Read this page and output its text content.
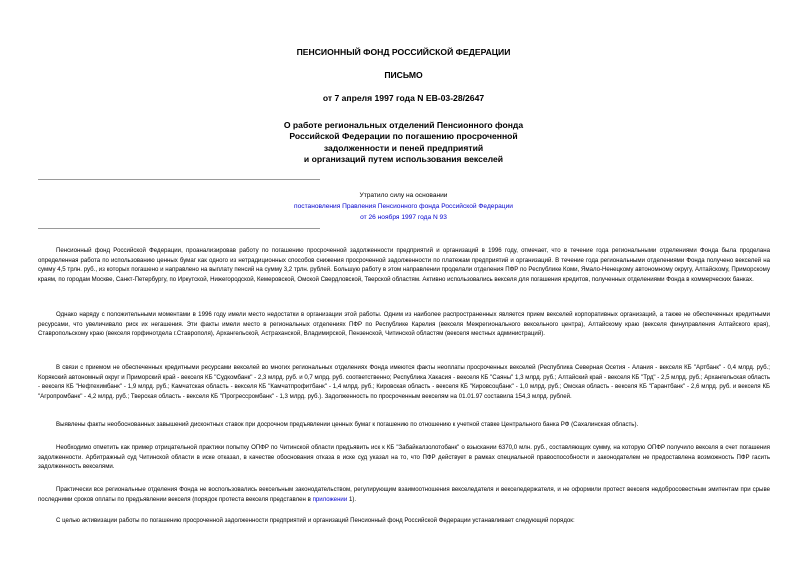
ПЕНСИОННЫЙ ФОНД РОССИЙСКОЙ ФЕДЕРАЦИИ
ПИСЬМО
от 7 апреля 1997 года N ЕВ-03-28/2647
О работе региональных отделений Пенсионного фонда
Российской Федерации по погашению просроченной
задолженности и пеней предприятий
и организаций путем использования векселей
Утратило силу на основании
постановления Правления Пенсионного фонда Российской Федерации
от 26 ноября 1997 года N 93

Пенсионный фонд Российской Федерации, проанализировав работу по погашению просроченной задолженности предприятий и организаций в 1996 году, отмечает, что в течение года региональными отделениями Фонда была проделана определенная работа по использованию ценных бумаг как одного из нетрадиционных способов снижения просроченной задолженности по платежам предприятий и организаций. В течение года региональными отделениями Фонда получено векселей на сумму 4,5 трлн. руб., из которых погашено и направлено на выплату пенсий на сумму 3,2 трлн. рублей. Большую работу в этом направлении проделали отделения ПФР по Республике Коми, Ямало-Ненецкому автономному округу, Алтайскому, Приморскому краям, по городам Москве, Санкт-Петербургу, по Иркутской, Нижегородской, Кемеровской, Омской Свердловской, Тверской областям. Активно использовались векселя для погашения кредитов, полученных отделениями Фонда в коммерческих банках.

Однако наряду с положительными моментами в 1996 году имели место недостатки в организации этой работы. Одним из наиболее распространенных является прием векселей корпоративных организаций, а также не обеспеченных кредитными ресурсами, что увеличивало риск их негашения. Эти факты имели место в региональных отделениях ПФР по Республике Карелия (векселя Межрегионального вексельного центра), Алтайскому краю (векселя финуправления Алтайского края), Ставропольскому краю (векселя горфинотдела г.Ставрополя), Архангельской, Астраханской, Владимирской, Пензенской, Читинской областям (векселя местных администраций).

В связи с приемом не обеспеченных кредитными ресурсами векселей во многих региональных отделениях Фонда имеются факты неоплаты просроченных векселей (Республика Северная Осетия - Алания - векселя КБ "Артбанк" - 0,4 млрд. руб.; Корякский автономный округ и Приморский край - векселя КБ "Судкомбанк" - 2,3 млрд. руб. и 0,7 млрд. руб. соответственно; Республика Хакасия - векселя КБ "Саяны" 1,3 млрд. руб.; Алтайский край - векселя КБ "Трд" - 2,5 млрд. руб.; Архангельская область - векселя КБ "Нефтехимбанк" - 1,9 млрд. руб.; Камчатская область - векселя КБ "Камчатпрофитбанк" - 1,4 млрд. руб.; Кировская область - векселя КБ "Кировсоцбанк" - 1,0 млрд. руб.; Омская область - векселя КБ "Гарантбанк" - 2,6 млрд. руб. и векселя КБ "Агропромбанк" - 4,2 млрд. руб.; Тверская область - векселя КБ "Прогрессромбанк" - 1,3 млрд. руб.). Задолженность по просроченным векселям на 01.01.97 составила 154,3 млрд. рублей.

Выявлены факты необоснованных завышений дисконтных ставок при досрочном предъявлении ценных бумаг к погашению по отношению к учетной ставке Центрального банка РФ (Сахалинская область).

Необходимо отметить как пример отрицательной практики попытку ОПФР по Читинской области предъявить иск к КБ "Забайкалзолотобанк" о взыскании 6370,0 млн. руб., составляющих сумму, на которую ОПФР получило векселя в счет погашения задолженности. Арбитражный суд Читинской области в иске отказал, в качестве обоснования отказа в иске суд указал на то, что ПФР действует в рамках специальной правоспособности и законодателем не предоставлена возможность ПФР гасить задолженность векселями.

Практически все региональные отделения Фонда не воспользовались вексельным законодательством, регулирующим взаимоотношения векселедателя и векселедержателя, и не оформили протест векселя недобросовестным эмитентам при срыве последними сроков оплаты по предъявлении векселя (порядок протеста векселя представлен в приложении 1).

С целью активизации работы по погашению просроченной задолженности предприятий и организаций Пенсионный фонд Российской Федерации устанавливает следующий порядок:
